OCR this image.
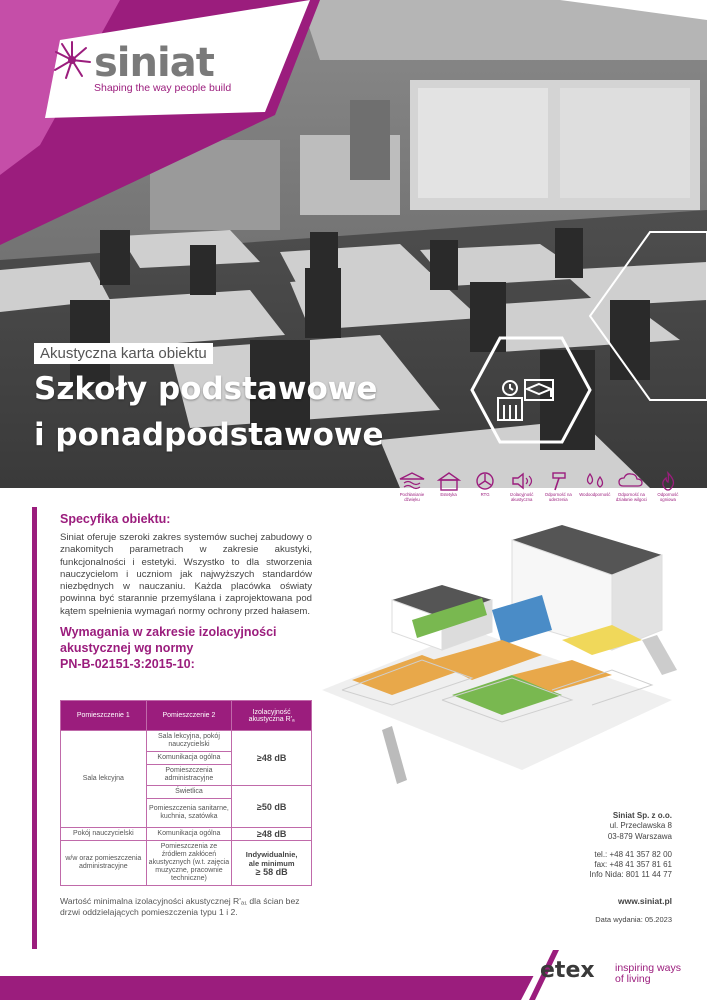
siniat
Shaping the way people build
Akustyczna karta obiektu
Szkoły podstawowe
i ponadpodstawowe
Pochłanianie dźwięku
Estetyka	RTG	Izolacyjność akustyczna
Odporność na uderzenia
Wodoodporność	Odporność na działanie wilgoci
Odporność ogniowa
Specyfika obiektu:

Siniat oferuje szeroki zakres systemów suchej zabudowy o znakomitych parametrach w zakresie akustyki, funkcjonalności i estetyki. Wszystko to dla stworzenia nauczycielom i uczniom jak najwyższych standardów niezbędnych w nauczaniu. Każda placówka oświaty powinna być starannie przemyślana i zaprojektowana pod kątem spełnienia wymagań normy ochrony przed hałasem.

Wymagania w zakresie izolacyjności
akustycznej wg normy
PN-B-02151-3:2015-10:
Pomieszczenie 1	Pomieszczenie 2	Izolacyjność akustyczna R'ₐ
Sala lekcyjna	Sala lekcyjna, pokój nauczycielski	≥48 dB
	Komunikacja ogólna	
	Pomieszczenia administracyjne	
	Świetlica	≥50 dB
	Pomieszczenia sanitarne, kuchnia, szatówka	
Pokój nauczycielski	Komunikacja ogólna	≥48 dB
w/w oraz pomieszczenia administracyjne	Pomieszczenia ze źródłem zakłóceń akustycznych (w.t. zajęcia muzyczne, pracownie techniczne)	Indywidualnie,
ale minimum
≥ 58 dB
Wartość minimalna izolacyjności akustycznej R'ₐ₁ dla ścian bez drzwi oddzielających pomieszczenia typu 1 i 2.
Siniat Sp. z o.o.
ul. Przeclawska 8
03-879 Warszawa
tel.: +48 41 357 82 00
fax: +48 41 357 81 61
Info Nida: 801 11 44 77
www.siniat.pl
Data wydania: 05.2023
etex inspiring ways
of living
